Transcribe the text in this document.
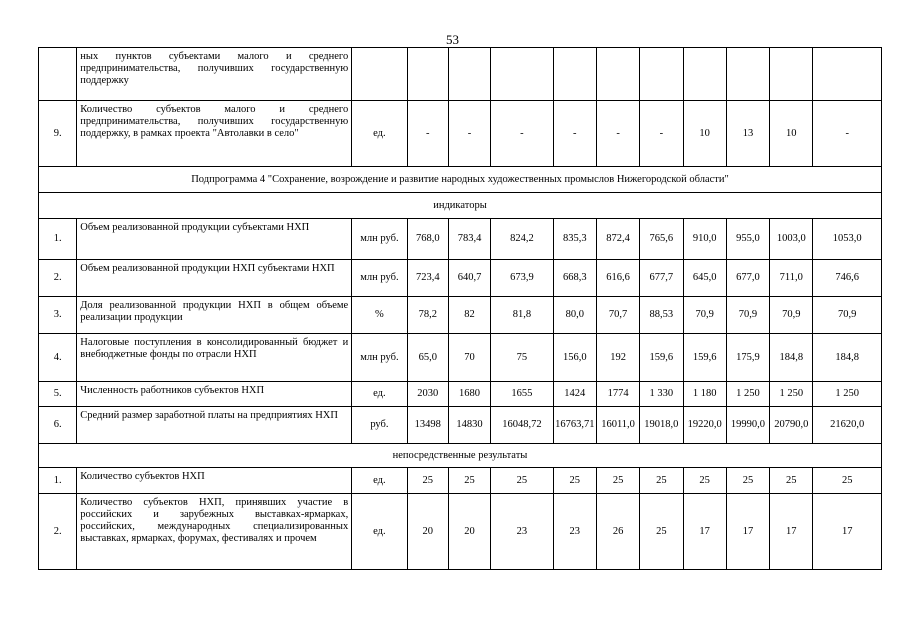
53
	ных пунктов субъектами малого и среднего предпринимательства, получивших государственную поддержку											
9.	Количество субъектов малого и среднего предпринимательства, получивших государственную поддержку, в рамках проекта "Автолавки в село"	ед.	-	-	-	-	-	-	10	13	10	-
Подпрограмма 4 "Сохранение, возрождение и развитие народных художественных промыслов Нижегородской области"												
индикаторы												
1.	Объем реализованной продукции субъектами НХП	млн руб.	768,0	783,4	824,2	835,3	872,4	765,6	910,0	955,0	1003,0	1053,0
2.	Объем реализованной продукции НХП субъектами НХП	млн руб.	723,4	640,7	673,9	668,3	616,6	677,7	645,0	677,0	711,0	746,6
3.	Доля реализованной продукции НХП в общем объеме реализации продукции	%	78,2	82	81,8	80,0	70,7	88,53	70,9	70,9	70,9	70,9
4.	Налоговые поступления в консолидированный бюджет и внебюджетные фонды по отрасли НХП	млн руб.	65,0	70	75	156,0	192	159,6	159,6	175,9	184,8	184,8
5.	Численность работников субъектов НХП	ед.	2030	1680	1655	1424	1774	1 330	1 180	1 250	1 250	1 250
6.	Средний размер заработной платы на предприятиях НХП	руб.	13498	14830	16048,72	16763,71	16011,0	19018,0	19220,0	19990,0	20790,0	21620,0
непосредственные результаты												
1.	Количество субъектов НХП	ед.	25	25	25	25	25	25	25	25	25	25
2.	Количество субъектов НХП, принявших участие в российских и зарубежных выставках-ярмарках, российских, международных специализированных выставках, ярмарках, форумах, фестивалях и прочем	ед.	20	20	23	23	26	25	17	17	17	17
